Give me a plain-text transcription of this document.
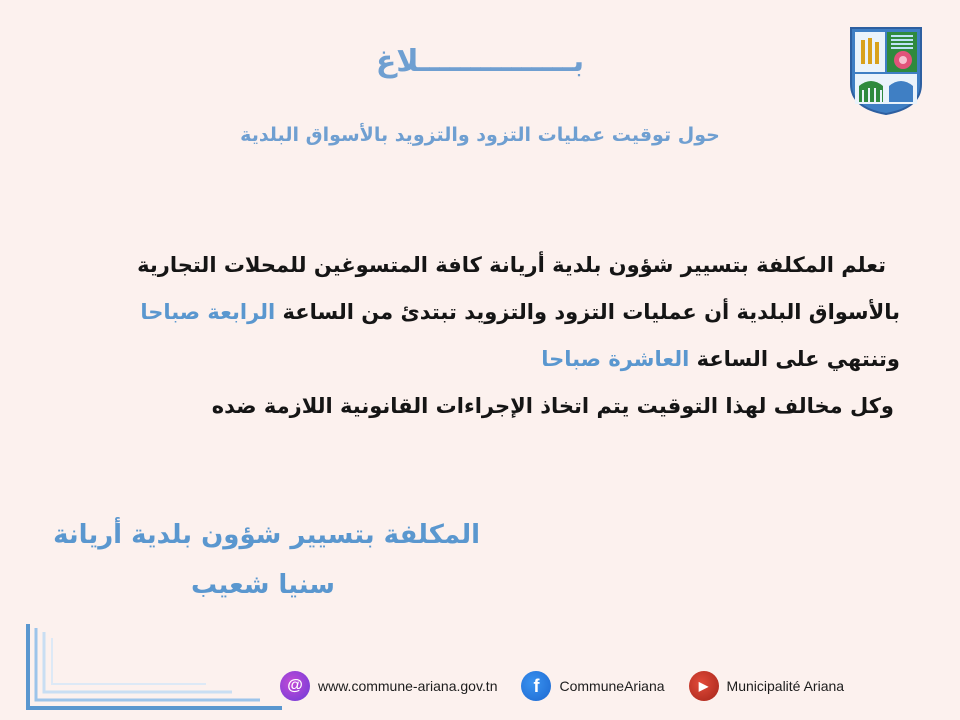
بـــــــــــــــلاغ
حول توقيت عمليات التزود والتزويد بالأسواق البلدية
تعلم المكلفة بتسيير شؤون بلدية أريانة كافة المتسوغين للمحلات التجارية
بالأسواق البلدية أن عمليات التزود والتزويد تبتدئ من الساعة الرابعة صباحا
وتنتهي على الساعة العاشرة صباحا
وكل مخالف لهذا التوقيت يتم اتخاذ الإجراءات القانونية اللازمة ضده
المكلفة بتسيير شؤون بلدية أريانة
سنيا شعيب
@	www.commune-ariana.gov.tn	f	CommuneAriana	▶	Municipalité Ariana
